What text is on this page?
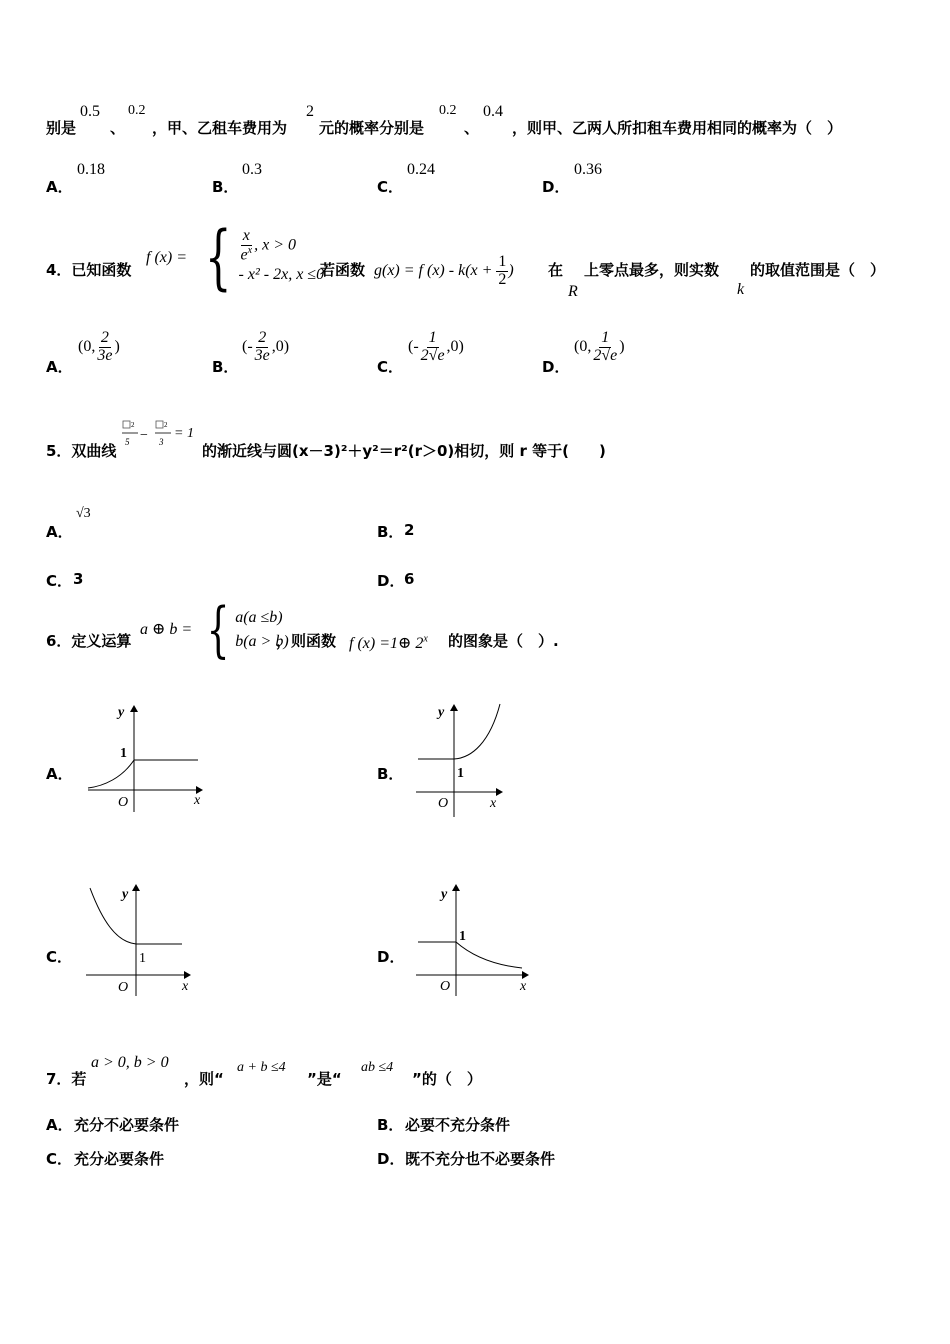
别是
0.5
、
0.2
，甲、乙租车费用为
2
元的概率分别是
0.2
、
0.4
，则甲、乙两人所扣租车费用相同的概率为（　）
A．
0.18
B．
0.3
C．
0.24
D．
0.36
4．已知函数
f (x) = { $\frac{x}{e^x}$ , x > 0
- x² - 2x, x ≤0
若函数 g(x) = f $(x) - k(x + \frac{1}{2}$ ) 在
R
上零点最多，则实数
k
的取值范围是（　）
A．
(0, $\frac{2}{3e}$ )
B．
(- $\frac{2}{3e} ,0$)
C．
(- $\frac{1}{2√e} ,0$)
D．
(0, $\frac{1}{2√e}$ )
5．双曲线
2
5 −
2
3
= 1
的渐近线与圆(x－3)²＋y²＝r²(r＞0)相切，则 r 等于(　　)
A．
√3
B． 2
C． 3	D． 6
6．定义运算
a ⊕ b = { a(a ≤b)
b(a > b)
，则函数 f (x) =1⊕ 2$^x$ 的图象是（　）.
A．	B．
C．	D．
y
x
O
1
y
x
O
1
y
x
O
1
y
x
O
1
7．若
a > 0, b > 0
，则“
a + b ≤4
”是“
ab ≤4
”的（　）
A． 充分不必要条件	B． 必要不充分条件
C． 充分必要条件	D． 既不充分也不必要条件
